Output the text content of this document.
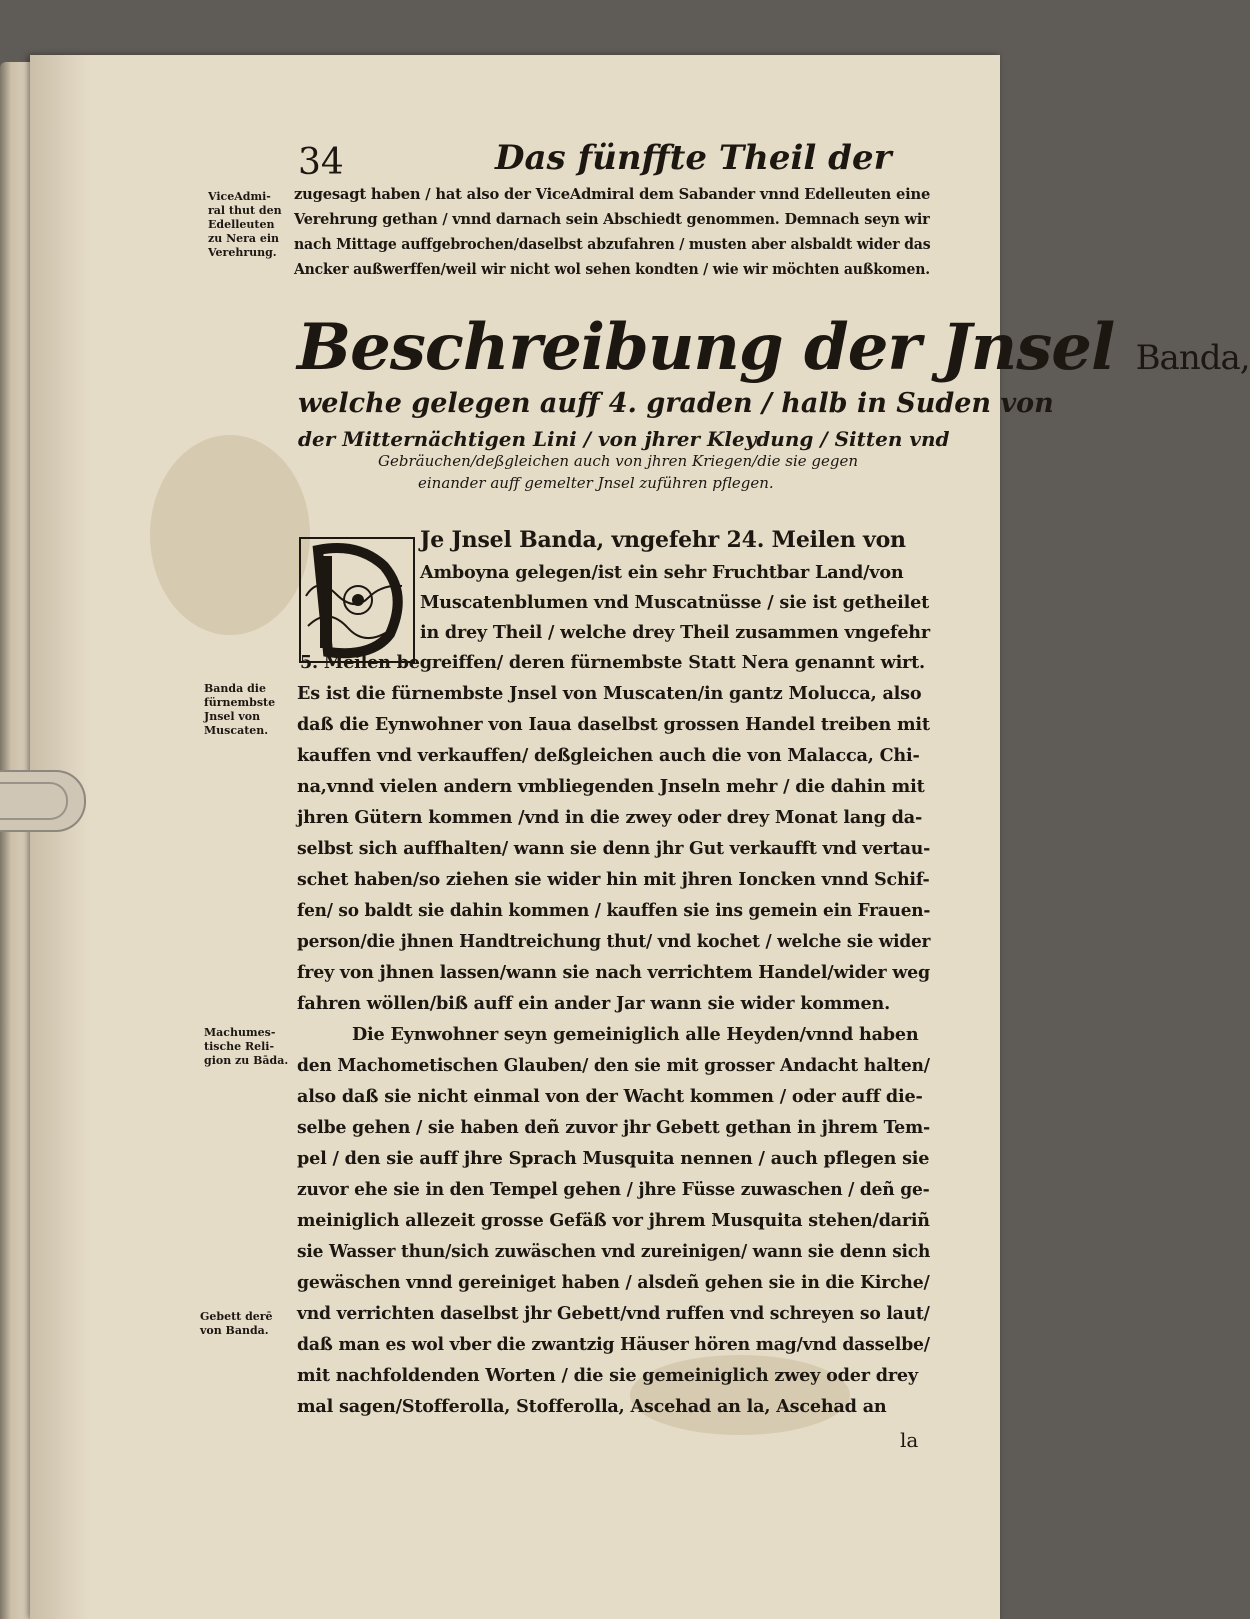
34	Das fünffte Theil der
zugesagt haben / hat also der ViceAdmiral dem Sabander vnnd Edelleuten eine
Verehrung gethan / vnnd darnach sein Abschiedt genommen. Demnach seyn wir
nach Mittage auffgebrochen/daselbst abzufahren / musten aber alsbaldt wider das
Ancker außwerffen/weil wir nicht wol sehen kondten / wie wir möchten außkomen.
ViceAdmi-
ral thut den
Edelleuten
zu Nera ein
Verehrung.
Banda die
fürnembste
Jnsel von
Muscaten.
Machumes-
tische Reli-
gion zu Bāda.
Gebett derē
von Banda.
Beschreibung der Jnsel Banda,
welche gelegen auff 4. graden / halb in Suden von
der Mitternächtigen Lini / von jhrer Kleydung / Sitten vnd
Gebräuchen/deßgleichen auch von jhren Kriegen/die sie gegen
einander auff gemelter Jnsel zuführen pflegen.
Je Jnsel Banda, vngefehr 24. Meilen von
Amboyna gelegen/ist ein sehr Fruchtbar Land/von
Muscatenblumen vnd Muscatnüsse / sie ist getheilet
in drey Theil / welche drey Theil zusammen vngefehr
5. Meilen begreiffen/ deren fürnembste Statt Nera genannt wirt.
Es ist die fürnembste Jnsel von Muscaten/in gantz Molucca, also
daß die Eynwohner von Iaua daselbst grossen Handel treiben mit
kauffen vnd verkauffen/ deßgleichen auch die von Malacca, Chi-
na,vnnd vielen andern vmbliegenden Jnseln mehr / die dahin mit
jhren Gütern kommen /vnd in die zwey oder drey Monat lang da-
selbst sich auffhalten/ wann sie denn jhr Gut verkaufft vnd vertau-
schet haben/so ziehen sie wider hin mit jhren Ioncken vnnd Schif-
fen/ so baldt sie dahin kommen / kauffen sie ins gemein ein Frauen-
person/die jhnen Handtreichung thut/ vnd kochet / welche sie wider
frey von jhnen lassen/wann sie nach verrichtem Handel/wider weg
fahren wöllen/biß auff ein ander Jar wann sie wider kommen.
Die Eynwohner seyn gemeiniglich alle Heyden/vnnd haben
den Machometischen Glauben/ den sie mit grosser Andacht halten/
also daß sie nicht einmal von der Wacht kommen / oder auff die-
selbe gehen / sie haben deñ zuvor jhr Gebett gethan in jhrem Tem-
pel / den sie auff jhre Sprach Musquita nennen / auch pflegen sie
zuvor ehe sie in den Tempel gehen / jhre Füsse zuwaschen / deñ ge-
meiniglich allezeit grosse Gefäß vor jhrem Musquita stehen/dariñ
sie Wasser thun/sich zuwäschen vnd zureinigen/ wann sie denn sich
gewäschen vnnd gereiniget haben / alsdeñ gehen sie in die Kirche/
vnd verrichten daselbst jhr Gebett/vnd ruffen vnd schreyen so laut/
daß man es wol vber die zwantzig Häuser hören mag/vnd dasselbe/
mit nachfoldenden Worten / die sie gemeiniglich zwey oder drey
mal sagen/Stofferolla, Stofferolla, Ascehad an la, Ascehad an
la
